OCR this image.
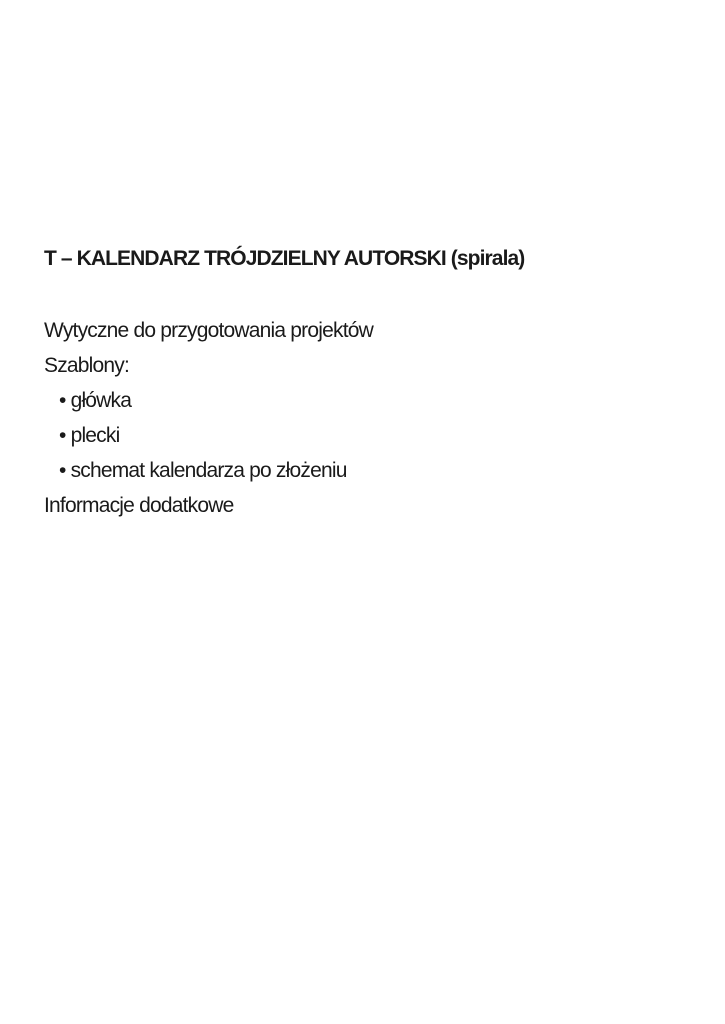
T – KALENDARZ TRÓJDZIELNY AUTORSKI (spirala)
Wytyczne do przygotowania projektów
Szablony:
• główka
• plecki
• schemat kalendarza po złożeniu
Informacje dodatkowe
